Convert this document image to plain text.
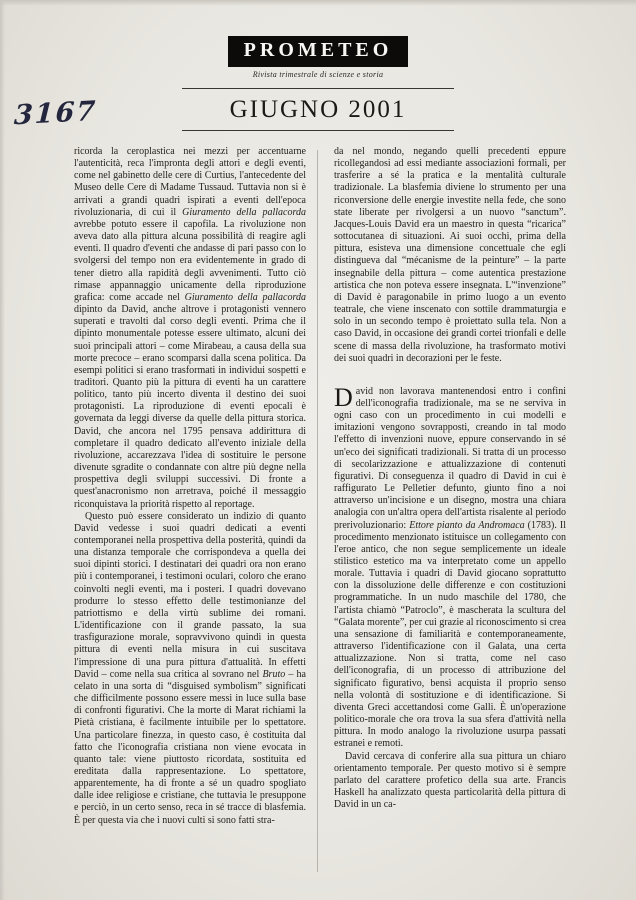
3167
PROMETEO
Rivista trimestrale di scienze e storia
GIUGNO 2001

ricorda la ceroplastica nei mezzi per accentuarne l'autenticità, reca l'impronta degli attori e degli eventi, come nel gabinetto delle cere di Curtius, l'antecedente del Museo delle Cere di Madame Tussaud. Tuttavia non si è arrivati a grandi quadri ispirati a eventi dell'epoca rivoluzionaria, di cui il Giuramento della pallacorda avrebbe potuto essere il capofila. La rivoluzione non aveva dato alla pittura alcuna possibilità di reagire agli eventi. Il quadro d'eventi che andasse di pari passo con lo svolgersi del tempo non era evidentemente in grado di tener dietro alla rapidità degli avvenimenti. Tutto ciò rimase appannaggio unicamente della riproduzione grafica: come accade nel Giuramento della pallacorda dipinto da David, anche altrove i protagonisti vennero superati e travolti dal corso degli eventi. Prima che il dipinto monumentale potesse essere ultimato, alcuni dei suoi principali attori – come Mirabeau, a causa della sua morte precoce – erano scomparsi dalla scena politica. Da esempi politici si erano trasformati in individui sospetti e traditori. Quanto più la pittura di eventi ha un carattere politico, tanto più incerto diventa il destino dei suoi protagonisti. La riproduzione di eventi epocali è governata da leggi diverse da quelle della pittura storica. David, che ancora nel 1795 pensava addirittura di completare il quadro dedicato all'evento iniziale della rivoluzione, accarezzava l'idea di sostituire le persone divenute sgradite o condannate con altre più degne nella prospettiva degli sviluppi successivi. Di fronte a quest'anacronismo non arretrava, poiché il messaggio riconquistava la priorità rispetto al reportage.

Questo può essere considerato un indizio di quanto David vedesse i suoi quadri dedicati a eventi contemporanei nella prospettiva della posterità, quindi da una distanza temporale che corrispondeva a quella dei suoi dipinti storici. I destinatari dei quadri ora non erano più i contemporanei, i testimoni oculari, coloro che erano coinvolti negli eventi, ma i posteri. I quadri dovevano produrre lo stesso effetto delle testimonianze del patriottismo e della virtù sublime dei romani. L'identificazione con il grande passato, la sua trasfigurazione morale, sopravvivono quindi in questa pittura di eventi nella misura in cui suscitava l'impressione di una pura pittura d'attualità. In effetti David – come nella sua critica al sovrano nel Bruto – ha celato in una sorta di “disguised symbolism” significati che difficilmente possono essere messi in luce sulla base di confronti figurativi. Che la morte di Marat richiami la Pietà cristiana, è facilmente intuibile per lo spettatore. Una particolare finezza, in questo caso, è costituita dal fatto che l'iconografia cristiana non viene evocata in quanto tale: viene piuttosto ricordata, sostituita ed ereditata dalla rappresentazione. Lo spettatore, apparentemente, ha di fronte a sé un quadro spogliato dalle idee religiose e cristiane, che tuttavia le presuppone e perciò, in un certo senso, reca in sé tracce di blasfemia. È per questa via che i nuovi culti si sono fatti stra-

da nel mondo, negando quelli precedenti eppure ricollegandosi ad essi mediante associazioni formali, per trasferire a sé la pratica e la mentalità culturale tradizionale. La blasfemia diviene lo strumento per una riconversione delle energie investite nella fede, che sono state liberate per rivolgersi a un nuovo “sanctum”. Jacques-Louis David era un maestro in questa “ricarica” sottocutanea di situazioni. Ai suoi occhi, prima della pittura, esisteva una dimensione concettuale che egli distingueva dal “mécanisme de la peinture” – la parte insegnabile della pittura – come autentica prestazione artistica che non poteva essere insegnata. L'“invenzione” di David è paragonabile in primo luogo a un evento teatrale, che viene inscenato con sottile drammaturgia e solo in un secondo tempo è proiettato sulla tela. Non a caso David, in occasione dei grandi cortei trionfali e delle scene di massa della rivoluzione, ha trasformato motivi dei suoi quadri in decorazioni per le feste.

David non lavorava mantenendosi entro i confini dell'iconografia tradizionale, ma se ne serviva in ogni caso con un procedimento in cui modelli e imitazioni vengono sovrapposti, creando in tal modo l'effetto di invenzioni nuove, eppure conservando in sé un'eco dei significati tradizionali. Si tratta di un processo di secolarizzazione e attualizzazione di contenuti figurativi. Di conseguenza il quadro di David in cui è raffigurato Le Pelletier defunto, giunto fino a noi attraverso un'incisione e un disegno, mostra una chiara analogia con un'altra opera dell'artista risalente al periodo prerivoluzionario: Ettore pianto da Andromaca (1783). Il procedimento menzionato istituisce un collegamento con l'eroe antico, che non segue semplicemente un ideale stilistico estetico ma va interpretato come un appello morale. Tuttavia i quadri di David giocano soprattutto con la dissoluzione delle differenze e con costituzioni programmatiche. In un nudo maschile del 1780, che l'artista chiamò “Patroclo”, è mascherata la scultura del “Galata morente”, per cui grazie al riconoscimento si crea una sensazione di familiarità e contemporaneamente, attraverso l'identificazione con il Galata, una certa attualizzazione. Non si tratta, come nel caso dell'iconografia, di un processo di attribuzione del significato figurativo, bensì acquista il proprio senso nella volontà di sostituzione e di identificazione. Si diventa Greci accettandosi come Galli. È un'operazione politico-morale che ora trova la sua sfera d'attività nella pittura. In modo analogo la rivoluzione usurpa passati estranei e remoti.

David cercava di conferire alla sua pittura un chiaro orientamento temporale. Per questo motivo si è sempre parlato del carattere profetico della sua arte. Francis Haskell ha analizzato questa particolarità della pittura di David in un ca-
